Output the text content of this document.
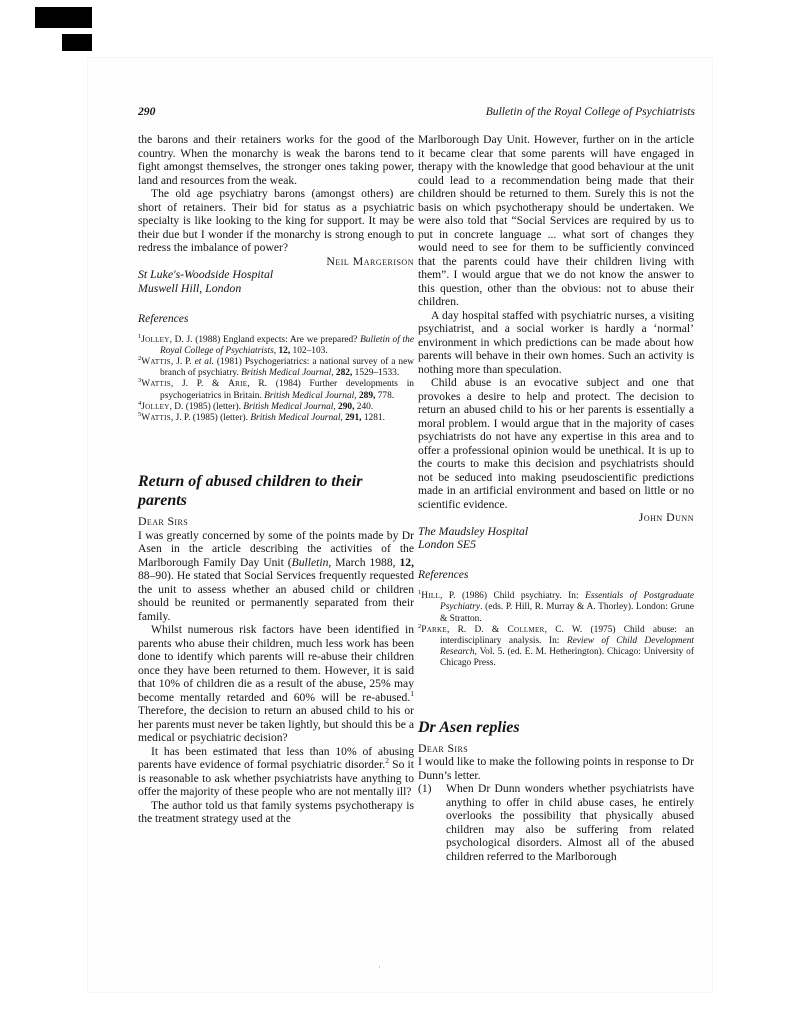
290	Bulletin of the Royal College of Psychiatrists

the barons and their retainers works for the good of the country. When the monarchy is weak the barons tend to fight amongst themselves, the stronger ones taking power, land and resources from the weak.

The old age psychiatry barons (amongst others) are short of retainers. Their bid for status as a psychiatric specialty is like looking to the king for support. It may be their due but I wonder if the monarchy is strong enough to redress the imbalance of power?

Neil Margerison
St Luke's-Woodside Hospital
Muswell Hill, London
References
$^1$Jolley, D. J. (1988) England expects: Are we prepared? Bulletin of the Royal College of Psychiatrists, 12, 102–103.
$^2$Wattis, J. P. et al. (1981) Psychogeriatrics: a national survey of a new branch of psychiatry. British Medical Journal, 282, 1529–1533.
$^3$Wattis, J. P. & Arie, R. (1984) Further developments in psychogeriatrics in Britain. British Medical Journal, 289, 778.
$^4$Jolley, D. (1985) (letter). British Medical Journal, 290, 240.
$^5$Wattis, J. P. (1985) (letter). British Medical Journal, 291, 1281.
Return of abused children to their parents
Dear Sirs

I was greatly concerned by some of the points made by Dr Asen in the article describing the activities of the Marlborough Family Day Unit (Bulletin, March 1988, 12, 88–90). He stated that Social Services frequently requested the unit to assess whether an abused child or children should be reunited or permanently separated from their family.

Whilst numerous risk factors have been identified in parents who abuse their children, much less work has been done to identify which parents will re-abuse their children once they have been returned to them. However, it is said that 10% of children die as a result of the abuse, 25% may become mentally retarded and 60% will be re-abused.$^1$ Therefore, the decision to return an abused child to his or her parents must never be taken lightly, but should this be a medical or psychiatric decision?

It has been estimated that less than 10% of abusing parents have evidence of formal psychiatric disorder.$^2$ So it is reasonable to ask whether psychiatrists have anything to offer the majority of these people who are not mentally ill?

The author told us that family systems psychotherapy is the treatment strategy used at the

Marlborough Day Unit. However, further on in the article it became clear that some parents will have engaged in therapy with the knowledge that good behaviour at the unit could lead to a recommendation being made that their children should be returned to them. Surely this is not the basis on which psychotherapy should be undertaken. We were also told that “Social Services are required by us to put in concrete language ... what sort of changes they would need to see for them to be sufficiently convinced that the parents could have their children living with them”. I would argue that we do not know the answer to this question, other than the obvious: not to abuse their children.

A day hospital staffed with psychiatric nurses, a visiting psychiatrist, and a social worker is hardly a ‘normal’ environment in which predictions can be made about how parents will behave in their own homes. Such an activity is nothing more than speculation.

Child abuse is an evocative subject and one that provokes a desire to help and protect. The decision to return an abused child to his or her parents is essentially a moral problem. I would argue that in the majority of cases psychiatrists do not have any expertise in this area and to offer a professional opinion would be unethical. It is up to the courts to make this decision and psychiatrists should not be seduced into making pseudoscientific predictions made in an artificial environment and based on little or no scientific evidence.

John Dunn
The Maudsley Hospital
London SE5
References
$^1$Hill, P. (1986) Child psychiatry. In: Essentials of Postgraduate Psychiatry. (eds. P. Hill, R. Murray & A. Thorley). London: Grune & Stratton.
$^2$Parke, R. D. & Collmer, C. W. (1975) Child abuse: an interdisciplinary analysis. In: Review of Child Development Research, Vol. 5. (ed. E. M. Hetherington). Chicago: University of Chicago Press.
Dr Asen replies
Dear Sirs

I would like to make the following points in response to Dr Dunn’s letter.

(1) When Dr Dunn wonders whether psychiatrists have anything to offer in child abuse cases, he entirely overlooks the possibility that physically abused children may also be suffering from related psychological disorders. Almost all of the abused children referred to the Marlborough
·
